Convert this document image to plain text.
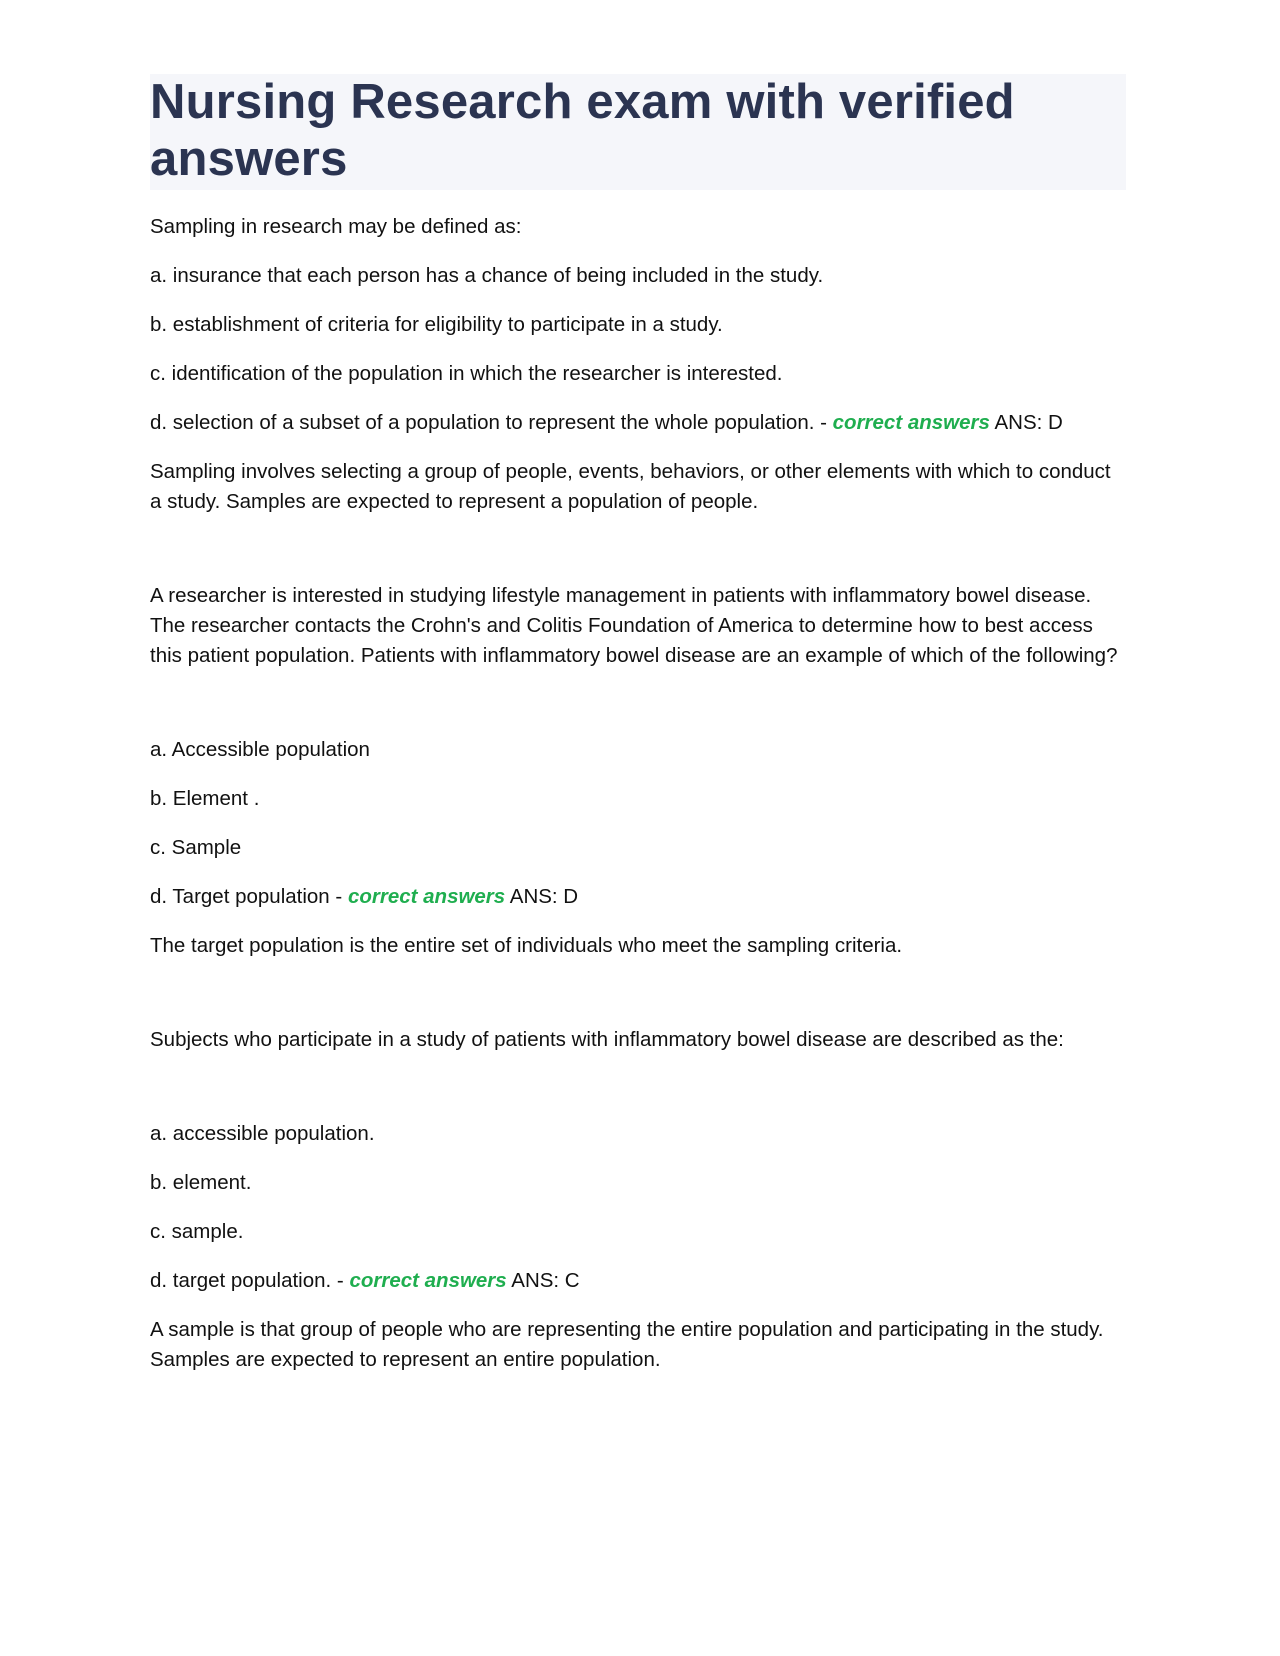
Nursing Research exam with verified answers

Sampling in research may be defined as:

a. insurance that each person has a chance of being included in the study.

b. establishment of criteria for eligibility to participate in a study.

c. identification of the population in which the researcher is interested.

d. selection of a subset of a population to represent the whole population. - correct answers ANS: D

Sampling involves selecting a group of people, events, behaviors, or other elements with which to conduct a study. Samples are expected to represent a population of people.

A researcher is interested in studying lifestyle management in patients with inflammatory bowel disease. The researcher contacts the Crohn's and Colitis Foundation of America to determine how to best access this patient population. Patients with inflammatory bowel disease are an example of which of the following?

a. Accessible population

b. Element .

c. Sample

d. Target population - correct answers ANS: D

The target population is the entire set of individuals who meet the sampling criteria.

Subjects who participate in a study of patients with inflammatory bowel disease are described as the:

a. accessible population.

b. element.

c. sample.

d. target population. - correct answers ANS: C

A sample is that group of people who are representing the entire population and participating in the study. Samples are expected to represent an entire population.
